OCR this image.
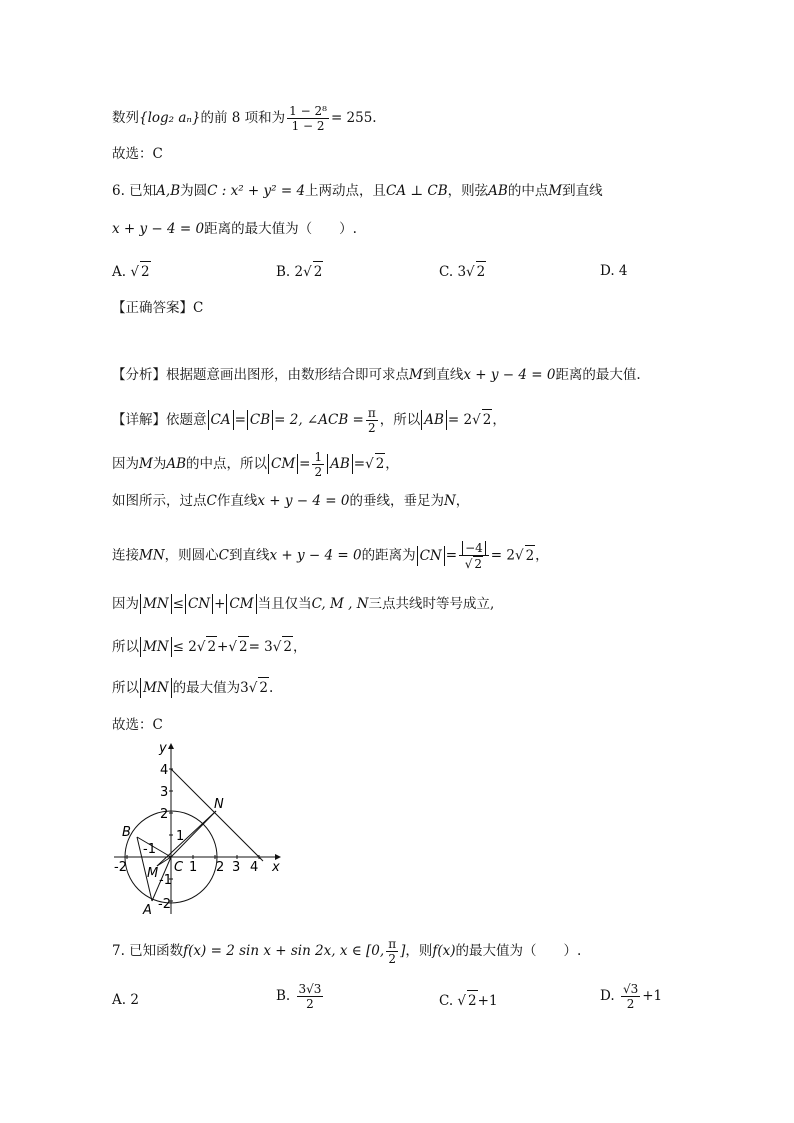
数列{log₂ aₙ}的前 8 项和为 $\frac{\text{1 − 2⁸}}{1 - 2} = 255$.
故选：C
6. 已知A,B为圆C : x² + y² = 4上两动点，且CA ⊥ CB，则弦AB的中点M到直线
x + y − 4 = 0距离的最大值为（　　）.
A. √ 2	B. 2√ 2	C. 3√ 2	D. 4
【正确答案】C
【分析】根据题意画出图形，由数形结合即可求点M到直线x + y − 4 = 0距离的最大值.
【详解】依题意 CA = CB = 2, ∠ACB = $\frac{\pi}{2}$ ，所以 AB = 2√ 2，
因为M为AB的中点，所以 CM = $\frac{1}{2}$ AB =√ 2，
如图所示，过点C作直线x + y − 4 = 0的垂线，垂足为N，
连接MN，则圆心C到直线x + y − 4 = 0的距离为 CN = $\frac{-4}{√ 2} = 2√$ 2，
因为 MN ≤ CN + CM 当且仅当C, M , N三点共线时等号成立,
所以 MN ≤ 2√ 2+√ 2= 3√ 2，
所以 MN 的最大值为3√ 2.
故选：C
y
x
4
3
2
1
-1
-2
-2	1 2 3 4
-1
B
N
M C
A
7. 已知函数f(x) = 2 sin x + sin 2x, x ∈ [0, $\frac{\pi}{2}$ ]，则f(x)的最大值为（　　）.
A. 2	B. $\frac{3√3}{2}$	C. √ 2+1	D. $\frac{√3}{2} +1$
